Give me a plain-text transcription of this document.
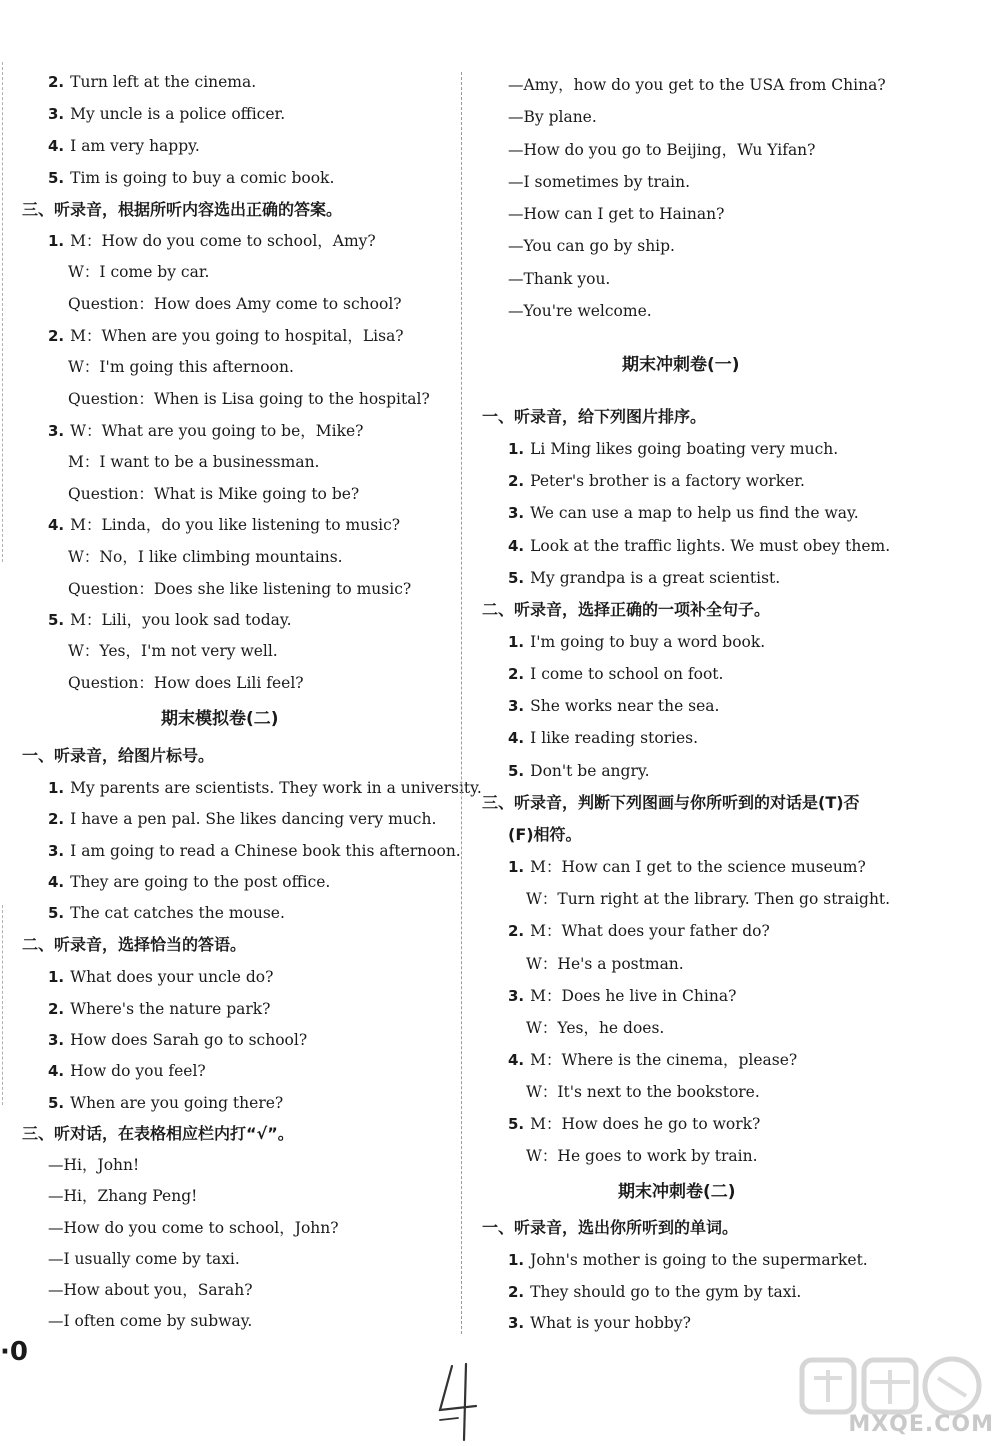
2. Turn left at the cinema.
3. My uncle is a police officer.
4. I am very happy.
5. Tim is going to buy a comic book.
三、听录音，根据所听内容选出正确的答案。
1. M：How do you come to school，Amy?
W：I come by car.
Question：How does Amy come to school?
2. M：When are you going to hospital，Lisa?
W：I'm going this afternoon.
Question：When is Lisa going to the hospital?
3. W：What are you going to be，Mike?
M：I want to be a businessman.
Question：What is Mike going to be?
4. M：Linda，do you like listening to music?
W：No，I like climbing mountains.
Question：Does she like listening to music?
5. M：Lili，you look sad today.
W：Yes，I'm not very well.
Question：How does Lili feel?
期末模拟卷(二)
一、听录音，给图片标号。
1. My parents are scientists. They work in a university.
2. I have a pen pal. She likes dancing very much.
3. I am going to read a Chinese book this afternoon.
4. They are going to the post office.
5. The cat catches the mouse.
二、听录音，选择恰当的答语。
1. What does your uncle do?
2. Where's the nature park?
3. How does Sarah go to school?
4. How do you feel?
5. When are you going there?
三、听对话，在表格相应栏内打“√”。
—Hi，John!
—Hi，Zhang Peng!
—How do you come to school，John?
—I usually come by taxi.
—How about you，Sarah?
—I often come by subway.
—Amy，how do you get to the USA from China?
—By plane.
—How do you go to Beijing，Wu Yifan?
—I sometimes by train.
—How can I get to Hainan?
—You can go by ship.
—Thank you.
—You're welcome.
期末冲刺卷(一)
一、听录音，给下列图片排序。
1. Li Ming likes going boating very much.
2. Peter's brother is a factory worker.
3. We can use a map to help us find the way.
4. Look at the traffic lights. We must obey them.
5. My grandpa is a great scientist.
二、听录音，选择正确的一项补全句子。
1. I'm going to buy a word book.
2. I come to school on foot.
3. She works near the sea.
4. I like reading stories.
5. Don't be angry.
三、听录音，判断下列图画与你所听到的对话是(T)否
(F)相符。
1. M：How can I get to the science museum?
W：Turn right at the library. Then go straight.
2. M：What does your father do?
W：He's a postman.
3. M：Does he live in China?
W：Yes，he does.
4. M：Where is the cinema，please?
W：It's next to the bookstore.
5. M：How does he go to work?
W：He goes to work by train.
期末冲刺卷(二)
一、听录音，选出你所听到的单词。
1. John's mother is going to the supermarket.
2. They should go to the gym by taxi.
3. What is your hobby?
·0
MXQE.COM
